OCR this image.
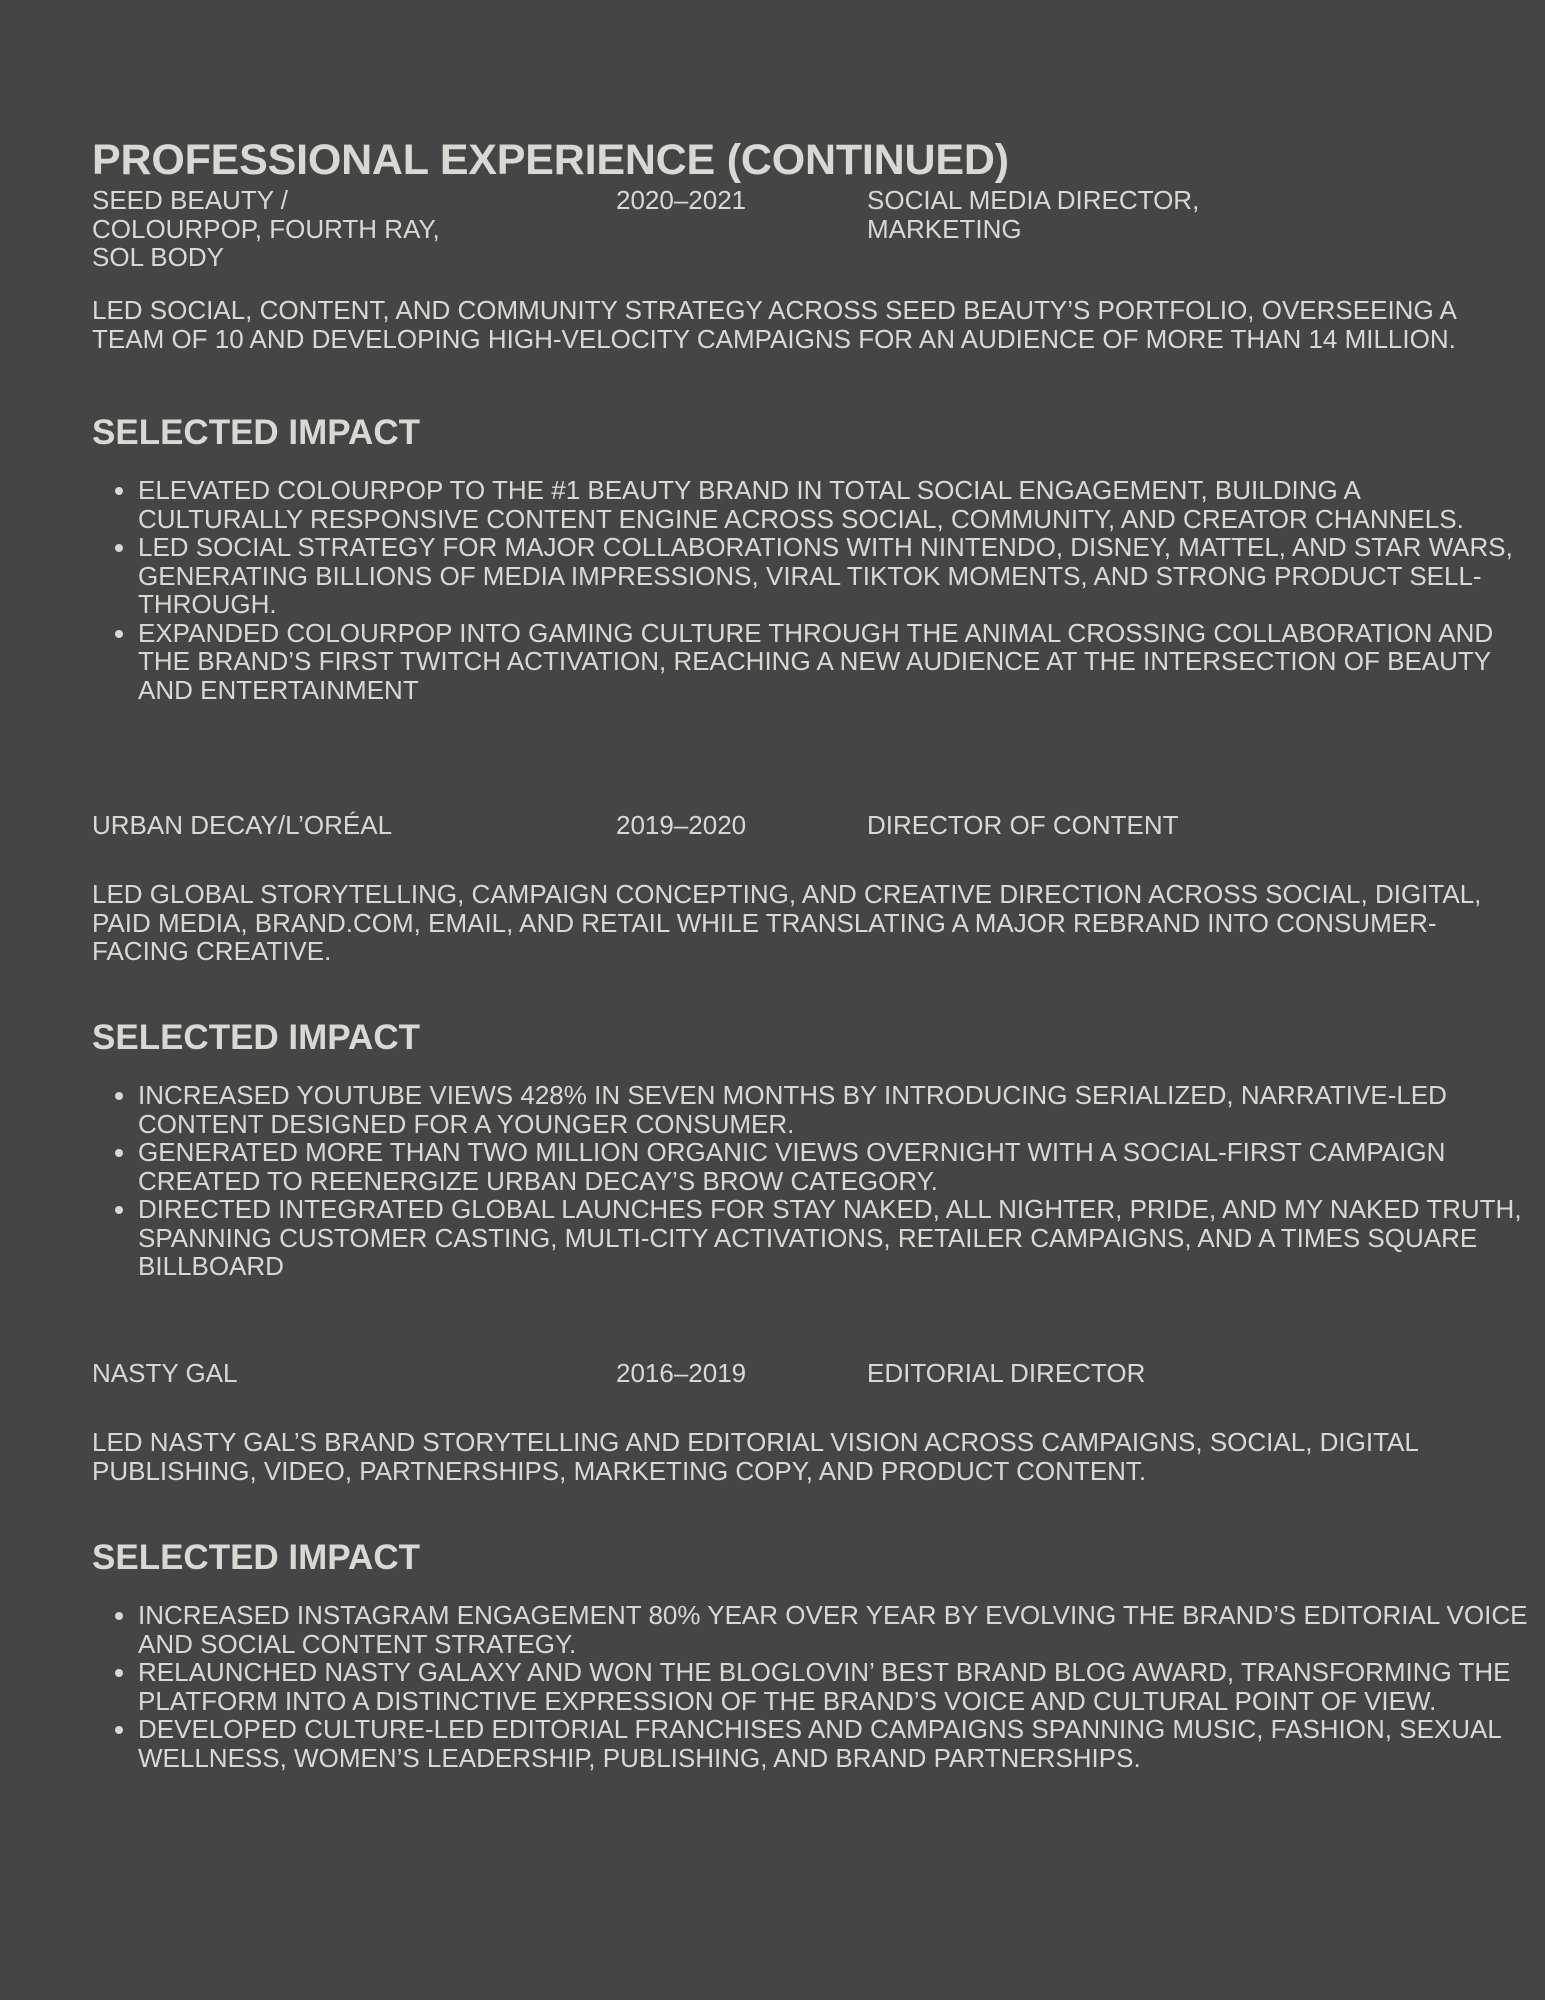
PROFESSIONAL EXPERIENCE (CONTINUED)
SEED BEAUTY /
COLOURPOP, FOURTH RAY,
SOL BODY
2020–2021	SOCIAL MEDIA DIRECTOR,
MARKETING

LED SOCIAL, CONTENT, AND COMMUNITY STRATEGY ACROSS SEED BEAUTY’S PORTFOLIO, OVERSEEING A TEAM OF 10 AND DEVELOPING HIGH-VELOCITY CAMPAIGNS FOR AN AUDIENCE OF MORE THAN 14 MILLION.

SELECTED IMPACT
• ELEVATED COLOURPOP TO THE #1 BEAUTY BRAND IN TOTAL SOCIAL ENGAGEMENT, BUILDING A CULTURALLY RESPONSIVE CONTENT ENGINE ACROSS SOCIAL, COMMUNITY, AND CREATOR CHANNELS.
• LED SOCIAL STRATEGY FOR MAJOR COLLABORATIONS WITH NINTENDO, DISNEY, MATTEL, AND STAR WARS, GENERATING BILLIONS OF MEDIA IMPRESSIONS, VIRAL TIKTOK MOMENTS, AND STRONG PRODUCT SELL-THROUGH.
• EXPANDED COLOURPOP INTO GAMING CULTURE THROUGH THE ANIMAL CROSSING COLLABORATION AND THE BRAND’S FIRST TWITCH ACTIVATION, REACHING A NEW AUDIENCE AT THE INTERSECTION OF BEAUTY AND ENTERTAINMENT
URBAN DECAY/L’ORÉAL	2019–2020	DIRECTOR OF CONTENT

LED GLOBAL STORYTELLING, CAMPAIGN CONCEPTING, AND CREATIVE DIRECTION ACROSS SOCIAL, DIGITAL, PAID MEDIA, BRAND.COM, EMAIL, AND RETAIL WHILE TRANSLATING A MAJOR REBRAND INTO CONSUMER-FACING CREATIVE.

SELECTED IMPACT
• INCREASED YOUTUBE VIEWS 428% IN SEVEN MONTHS BY INTRODUCING SERIALIZED, NARRATIVE-LED CONTENT DESIGNED FOR A YOUNGER CONSUMER.
• GENERATED MORE THAN TWO MILLION ORGANIC VIEWS OVERNIGHT WITH A SOCIAL-FIRST CAMPAIGN CREATED TO REENERGIZE URBAN DECAY’S BROW CATEGORY.
• DIRECTED INTEGRATED GLOBAL LAUNCHES FOR STAY NAKED, ALL NIGHTER, PRIDE, AND MY NAKED TRUTH, SPANNING CUSTOMER CASTING, MULTI-CITY ACTIVATIONS, RETAILER CAMPAIGNS, AND A TIMES SQUARE BILLBOARD
NASTY GAL	2016–2019	EDITORIAL DIRECTOR

LED NASTY GAL’S BRAND STORYTELLING AND EDITORIAL VISION ACROSS CAMPAIGNS, SOCIAL, DIGITAL PUBLISHING, VIDEO, PARTNERSHIPS, MARKETING COPY, AND PRODUCT CONTENT.

SELECTED IMPACT
• INCREASED INSTAGRAM ENGAGEMENT 80% YEAR OVER YEAR BY EVOLVING THE BRAND’S EDITORIAL VOICE AND SOCIAL CONTENT STRATEGY.
• RELAUNCHED NASTY GALAXY AND WON THE BLOGLOVIN’ BEST BRAND BLOG AWARD, TRANSFORMING THE PLATFORM INTO A DISTINCTIVE EXPRESSION OF THE BRAND’S VOICE AND CULTURAL POINT OF VIEW.
• DEVELOPED CULTURE-LED EDITORIAL FRANCHISES AND CAMPAIGNS SPANNING MUSIC, FASHION, SEXUAL WELLNESS, WOMEN’S LEADERSHIP, PUBLISHING, AND BRAND PARTNERSHIPS.
